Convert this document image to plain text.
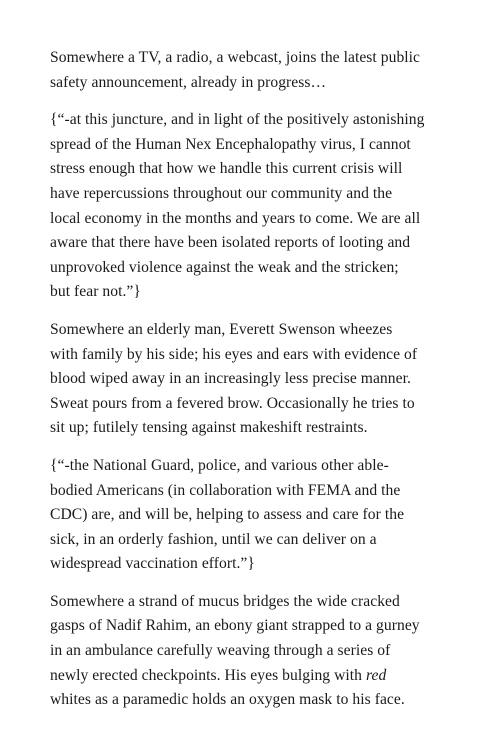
Somewhere a TV, a radio, a webcast, joins the latest public
safety announcement, already in progress…

{“-at this juncture, and in light of the positively astonishing
spread of the Human Nex Encephalopathy virus, I cannot
stress enough that how we handle this current crisis will
have repercussions throughout our community and the
local economy in the months and years to come. We are all
aware that there have been isolated reports of looting and
unprovoked violence against the weak and the stricken;
but fear not.”}

Somewhere an elderly man, Everett Swenson wheezes
with family by his side; his eyes and ears with evidence of
blood wiped away in an increasingly less precise manner.
Sweat pours from a fevered brow. Occasionally he tries to
sit up; futilely tensing against makeshift restraints.

{“-the National Guard, police, and various other able-
bodied Americans (in collaboration with FEMA and the
CDC) are, and will be, helping to assess and care for the
sick, in an orderly fashion, until we can deliver on a
widespread vaccination effort.”}

Somewhere a strand of mucus bridges the wide cracked
gasps of Nadif Rahim, an ebony giant strapped to a gurney
in an ambulance carefully weaving through a series of
newly erected checkpoints. His eyes bulging with red
whites as a paramedic holds an oxygen mask to his face.
